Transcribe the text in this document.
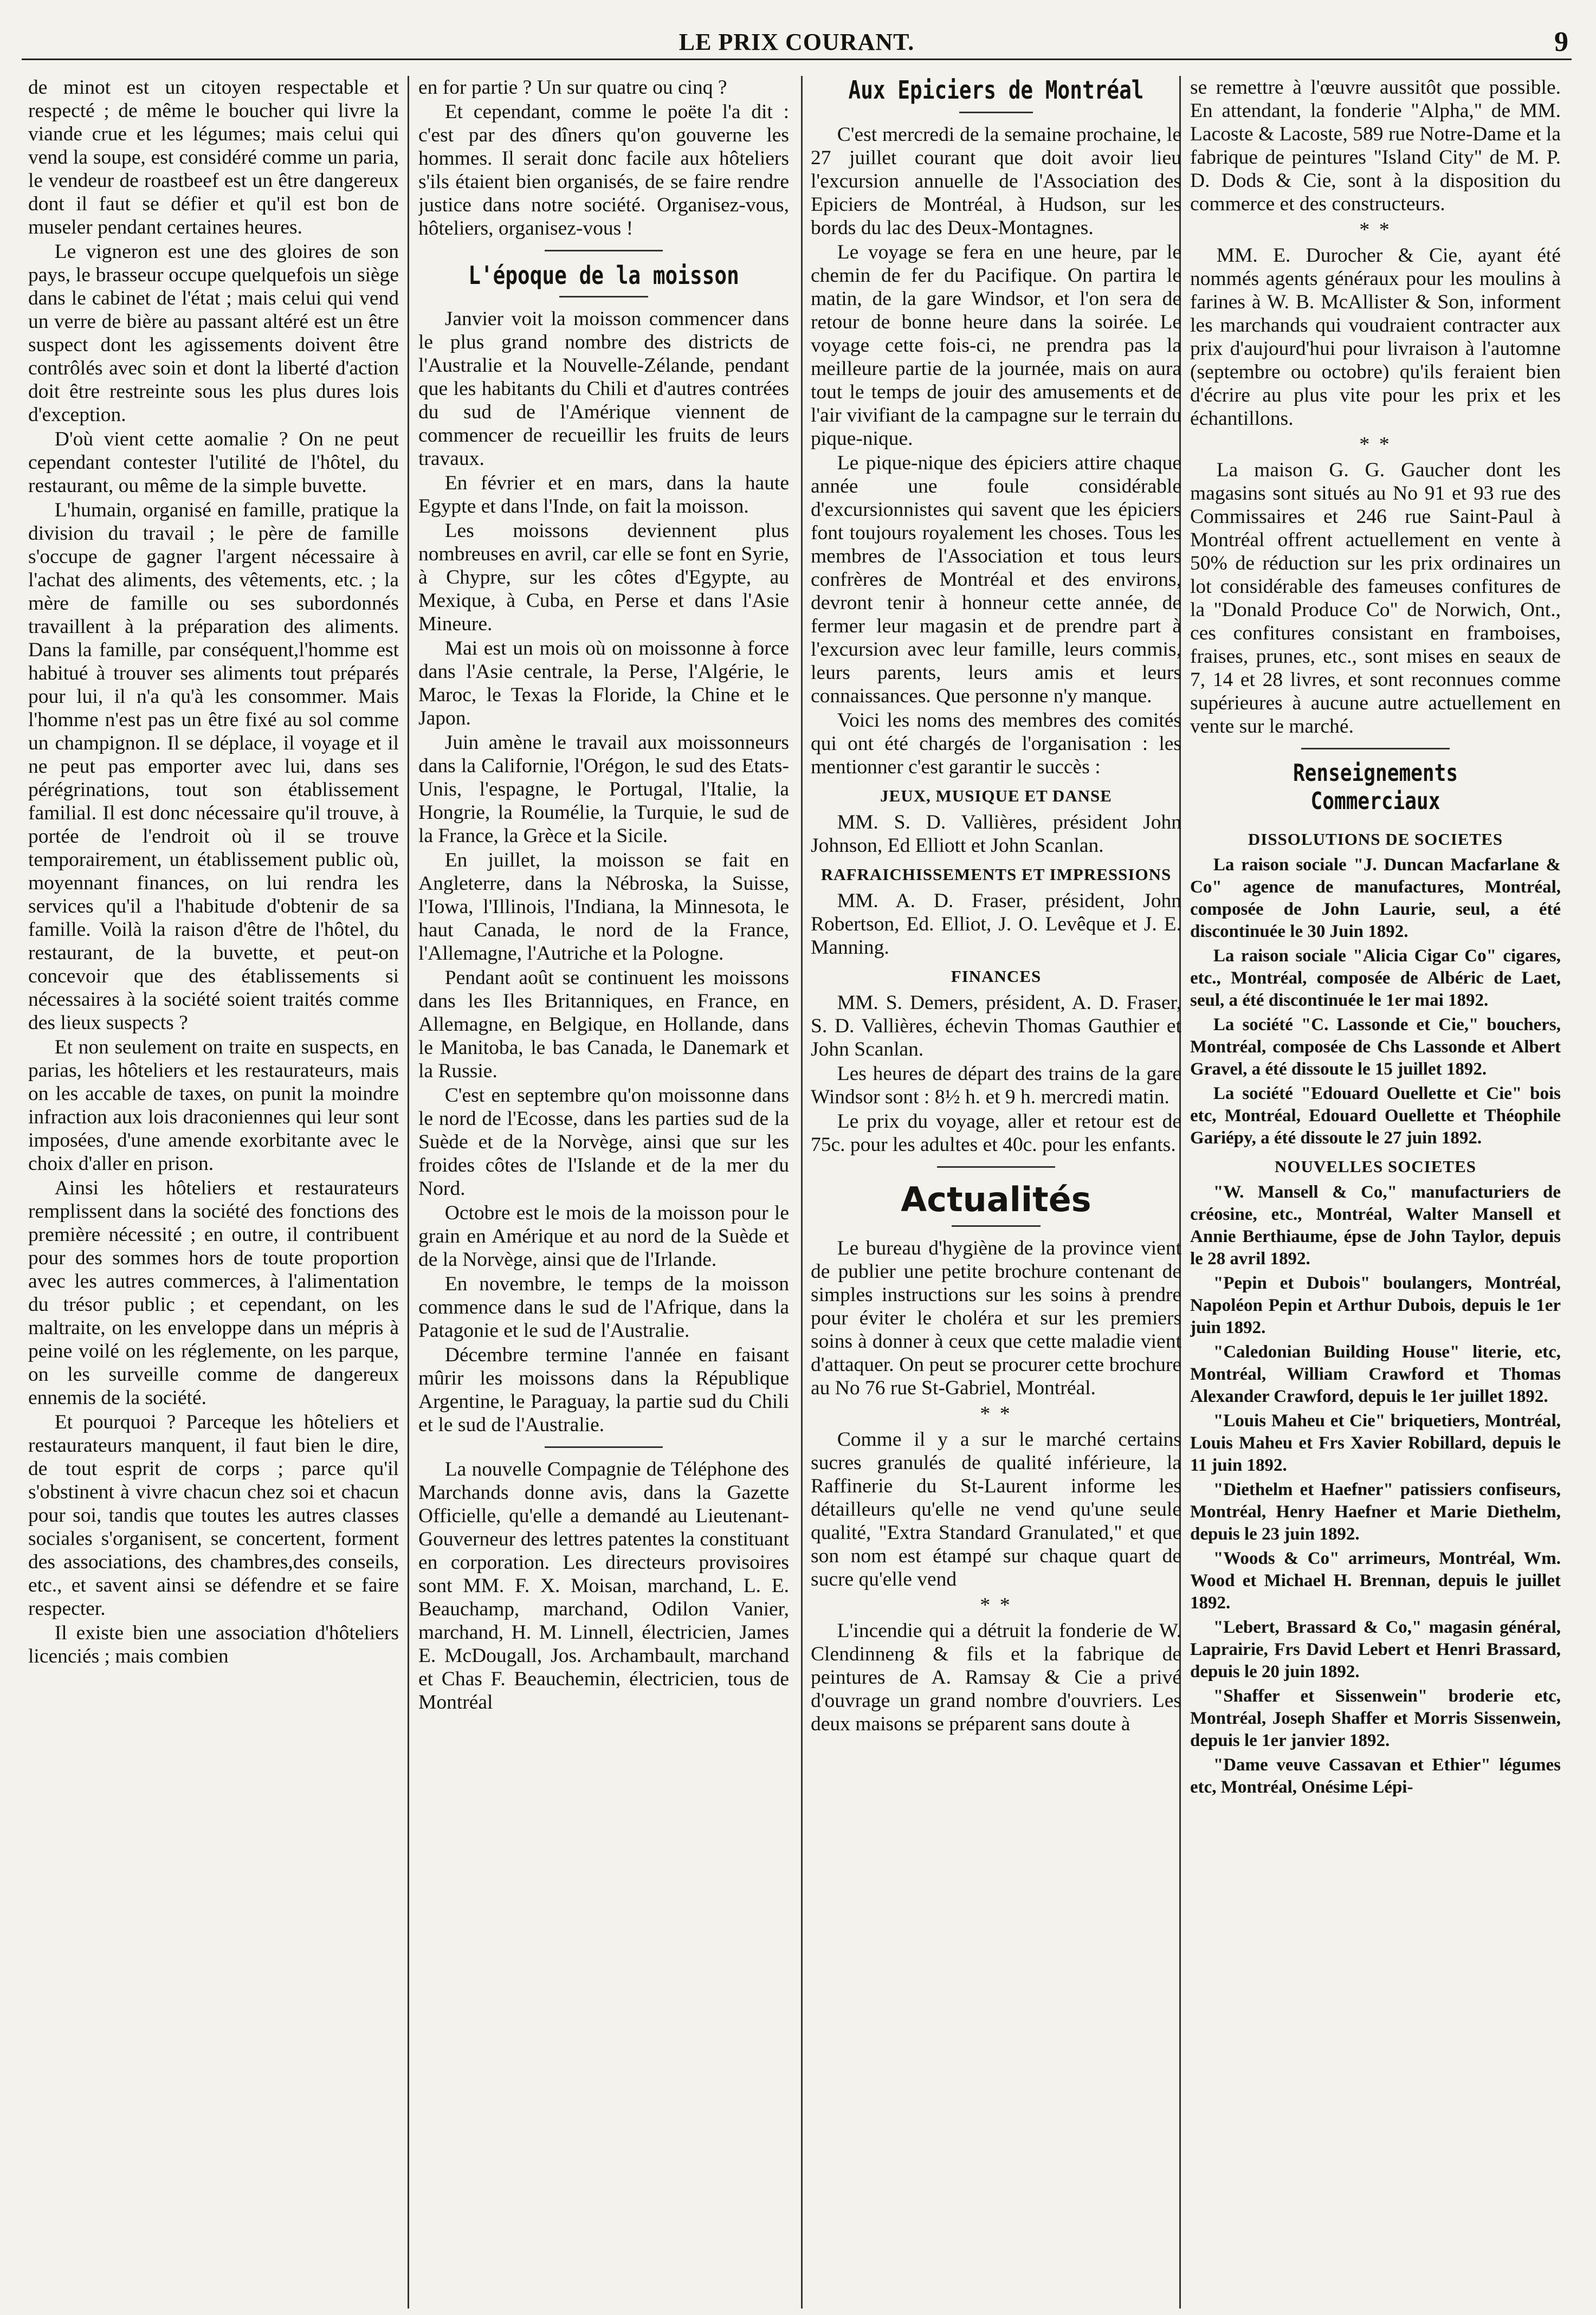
LE PRIX COURANT.	9

de minot est un citoyen respectable et respecté ; de même le boucher qui livre la viande crue et les légumes; mais celui qui vend la soupe, est considéré comme un paria, le vendeur de roastbeef est un être dangereux dont il faut se défier et qu'il est bon de museler pendant certaines heures.

Le vigneron est une des gloires de son pays, le brasseur occupe quelquefois un siège dans le cabinet de l'état ; mais celui qui vend un verre de bière au passant altéré est un être suspect dont les agissements doivent être contrôlés avec soin et dont la liberté d'action doit être restreinte sous les plus dures lois d'exception.

D'où vient cette aomalie ? On ne peut cependant contester l'utilité de l'hôtel, du restaurant, ou même de la simple buvette.

L'humain, organisé en famille, pratique la division du travail ; le père de famille s'occupe de gagner l'argent nécessaire à l'achat des aliments, des vêtements, etc. ; la mère de famille ou ses subordonnés travaillent à la préparation des aliments. Dans la famille, par conséquent,l'homme est habitué à trouver ses aliments tout préparés pour lui, il n'a qu'à les consommer. Mais l'homme n'est pas un être fixé au sol comme un champignon. Il se déplace, il voyage et il ne peut pas emporter avec lui, dans ses pérégrinations, tout son établissement familial. Il est donc nécessaire qu'il trouve, à portée de l'endroit où il se trouve temporairement, un établissement public où, moyennant finances, on lui rendra les services qu'il a l'habitude d'obtenir de sa famille. Voilà la raison d'être de l'hôtel, du restaurant, de la buvette, et peut-on concevoir que des établissements si nécessaires à la société soient traités comme des lieux suspects ?

Et non seulement on traite en suspects, en parias, les hôteliers et les restaurateurs, mais on les accable de taxes, on punit la moindre infraction aux lois draconiennes qui leur sont imposées, d'une amende exorbitante avec le choix d'aller en prison.

Ainsi les hôteliers et restaurateurs remplissent dans la société des fonctions des première nécessité ; en outre, il contribuent pour des sommes hors de toute proportion avec les autres commerces, à l'alimentation du trésor public ; et cependant, on les maltraite, on les enveloppe dans un mépris à peine voilé on les réglemente, on les parque, on les surveille comme de dangereux ennemis de la société.

Et pourquoi ? Parceque les hôteliers et restaurateurs manquent, il faut bien le dire, de tout esprit de corps ; parce qu'il s'obstinent à vivre chacun chez soi et chacun pour soi, tandis que toutes les autres classes sociales s'organisent, se concertent, forment des associations, des chambres,des conseils, etc., et savent ainsi se défendre et se faire respecter.

Il existe bien une association d'hôteliers licenciés ; mais combien

en for partie ? Un sur quatre ou cinq ?

Et cependant, comme le poëte l'a dit : c'est par des dîners qu'on gouverne les hommes. Il serait donc facile aux hôteliers s'ils étaient bien organisés, de se faire rendre justice dans notre société. Organisez-vous, hôteliers, organisez-vous !

L'époque de la moisson

Janvier voit la moisson commencer dans le plus grand nombre des districts de l'Australie et la Nouvelle-Zélande, pendant que les habitants du Chili et d'autres contrées du sud de l'Amérique viennent de commencer de recueillir les fruits de leurs travaux.

En février et en mars, dans la haute Egypte et dans l'Inde, on fait la moisson.

Les moissons deviennent plus nombreuses en avril, car elle se font en Syrie, à Chypre, sur les côtes d'Egypte, au Mexique, à Cuba, en Perse et dans l'Asie Mineure.

Mai est un mois où on moissonne à force dans l'Asie centrale, la Perse, l'Algérie, le Maroc, le Texas la Floride, la Chine et le Japon.

Juin amène le travail aux moissonneurs dans la Californie, l'Orégon, le sud des Etats-Unis, l'espagne, le Portugal, l'Italie, la Hongrie, la Roumélie, la Turquie, le sud de la France, la Grèce et la Sicile.

En juillet, la moisson se fait en Angleterre, dans la Nébroska, la Suisse, l'Iowa, l'Illinois, l'Indiana, la Minnesota, le haut Canada, le nord de la France, l'Allemagne, l'Autriche et la Pologne.

Pendant août se continuent les moissons dans les Iles Britanniques, en France, en Allemagne, en Belgique, en Hollande, dans le Manitoba, le bas Canada, le Danemark et la Russie.

C'est en septembre qu'on moissonne dans le nord de l'Ecosse, dans les parties sud de la Suède et de la Norvège, ainsi que sur les froides côtes de l'Islande et de la mer du Nord.

Octobre est le mois de la moisson pour le grain en Amérique et au nord de la Suède et de la Norvège, ainsi que de l'Irlande.

En novembre, le temps de la moisson commence dans le sud de l'Afrique, dans la Patagonie et le sud de l'Australie.

Décembre termine l'année en faisant mûrir les moissons dans la République Argentine, le Paraguay, la partie sud du Chili et le sud de l'Australie.

La nouvelle Compagnie de Téléphone des Marchands donne avis, dans la Gazette Officielle, qu'elle a demandé au Lieutenant-Gouverneur des lettres patentes la constituant en corporation. Les directeurs provisoires sont MM. F. X. Moisan, marchand, L. E. Beauchamp, marchand, Odilon Vanier, marchand, H. M. Linnell, électricien, James E. McDougall, Jos. Archambault, marchand et Chas F. Beauchemin, électricien, tous de Montréal

Aux Epiciers de Montréal

C'est mercredi de la semaine prochaine, le 27 juillet courant que doit avoir lieu l'excursion annuelle de l'Association des Epiciers de Montréal, à Hudson, sur les bords du lac des Deux-Montagnes.

Le voyage se fera en une heure, par le chemin de fer du Pacifique. On partira le matin, de la gare Windsor, et l'on sera de retour de bonne heure dans la soirée. Le voyage cette fois-ci, ne prendra pas la meilleure partie de la journée, mais on aura tout le temps de jouir des amusements et de l'air vivifiant de la campagne sur le terrain du pique-nique.

Le pique-nique des épiciers attire chaque année une foule considérable d'excursionnistes qui savent que les épiciers font toujours royalement les choses. Tous les membres de l'Association et tous leurs confrères de Montréal et des environs, devront tenir à honneur cette année, de fermer leur magasin et de prendre part à l'excursion avec leur famille, leurs commis, leurs parents, leurs amis et leurs connaissances. Que personne n'y manque.

Voici les noms des membres des comités qui ont été chargés de l'organisation : les mentionner c'est garantir le succès :

JEUX, MUSIQUE ET DANSE

MM. S. D. Vallières, président John Johnson, Ed Elliott et John Scanlan.

RAFRAICHISSEMENTS ET IMPRESSIONS

MM. A. D. Fraser, président, John Robertson, Ed. Elliot, J. O. Levêque et J. E. Manning.

FINANCES

MM. S. Demers, président, A. D. Fraser, S. D. Vallières, échevin Thomas Gauthier et John Scanlan.

Les heures de départ des trains de la gare Windsor sont : 8½ h. et 9 h. mercredi matin.

Le prix du voyage, aller et retour est de 75c. pour les adultes et 40c. pour les enfants.

Actualités

Le bureau d'hygiène de la province vient de publier une petite brochure contenant de simples instructions sur les soins à prendre pour éviter le choléra et sur les premiers soins à donner à ceux que cette maladie vient d'attaquer. On peut se procurer cette brochure au No 76 rue St-Gabriel, Montréal.

* *

Comme il y a sur le marché certains sucres granulés de qualité inférieure, la Raffinerie du St-Laurent informe les détailleurs qu'elle ne vend qu'une seule qualité, "Extra Standard Granulated," et que son nom est étampé sur chaque quart de sucre qu'elle vend

* *

L'incendie qui a détruit la fonderie de W. Clendinneng & fils et la fabrique de peintures de A. Ramsay & Cie a privé d'ouvrage un grand nombre d'ouvriers. Les deux maisons se préparent sans doute à

se remettre à l'œuvre aussitôt que possible. En attendant, la fonderie "Alpha," de MM. Lacoste & Lacoste, 589 rue Notre-Dame et la fabrique de peintures "Island City" de M. P. D. Dods & Cie, sont à la disposition du commerce et des constructeurs.

* *

MM. E. Durocher & Cie, ayant été nommés agents généraux pour les moulins à farines à W. B. McAllister & Son, informent les marchands qui voudraient contracter aux prix d'aujourd'hui pour livraison à l'automne (septembre ou octobre) qu'ils feraient bien d'écrire au plus vite pour les prix et les échantillons.

* *

La maison G. G. Gaucher dont les magasins sont situés au No 91 et 93 rue des Commissaires et 246 rue Saint-Paul à Montréal offrent actuellement en vente à 50% de réduction sur les prix ordinaires un lot considérable des fameuses confitures de la "Donald Produce Co" de Norwich, Ont., ces confitures consistant en framboises, fraises, prunes, etc., sont mises en seaux de 7, 14 et 28 livres, et sont reconnues comme supérieures à aucune autre actuellement en vente sur le marché.

Renseignements Commerciaux
DISSOLUTIONS DE SOCIETES

La raison sociale "J. Duncan Macfarlane & Co" agence de manufactures, Montréal, composée de John Laurie, seul, a été discontinuée le 30 Juin 1892.

La raison sociale "Alicia Cigar Co" cigares, etc., Montréal, composée de Albéric de Laet, seul, a été discontinuée le 1er mai 1892.

La société "C. Lassonde et Cie," bouchers, Montréal, composée de Chs Lassonde et Albert Gravel, a été dissoute le 15 juillet 1892.

La société "Edouard Ouellette et Cie" bois etc, Montréal, Edouard Ouellette et Théophile Gariépy, a été dissoute le 27 juin 1892.

NOUVELLES SOCIETES

"W. Mansell & Co," manufacturiers de créosine, etc., Montréal, Walter Mansell et Annie Berthiaume, épse de John Taylor, depuis le 28 avril 1892.

"Pepin et Dubois" boulangers, Montréal, Napoléon Pepin et Arthur Dubois, depuis le 1er juin 1892.

"Caledonian Building House" literie, etc, Montréal, William Crawford et Thomas Alexander Crawford, depuis le 1er juillet 1892.

"Louis Maheu et Cie" briquetiers, Montréal, Louis Maheu et Frs Xavier Robillard, depuis le 11 juin 1892.

"Diethelm et Haefner" patissiers confiseurs, Montréal, Henry Haefner et Marie Diethelm, depuis le 23 juin 1892.

"Woods & Co" arrimeurs, Montréal, Wm. Wood et Michael H. Brennan, depuis le juillet 1892.

"Lebert, Brassard & Co," magasin général, Laprairie, Frs David Lebert et Henri Brassard, depuis le 20 juin 1892.

"Shaffer et Sissenwein" broderie etc, Montréal, Joseph Shaffer et Morris Sissenwein, depuis le 1er janvier 1892.

"Dame veuve Cassavan et Ethier" légumes etc, Montréal, Onésime Lépi-
